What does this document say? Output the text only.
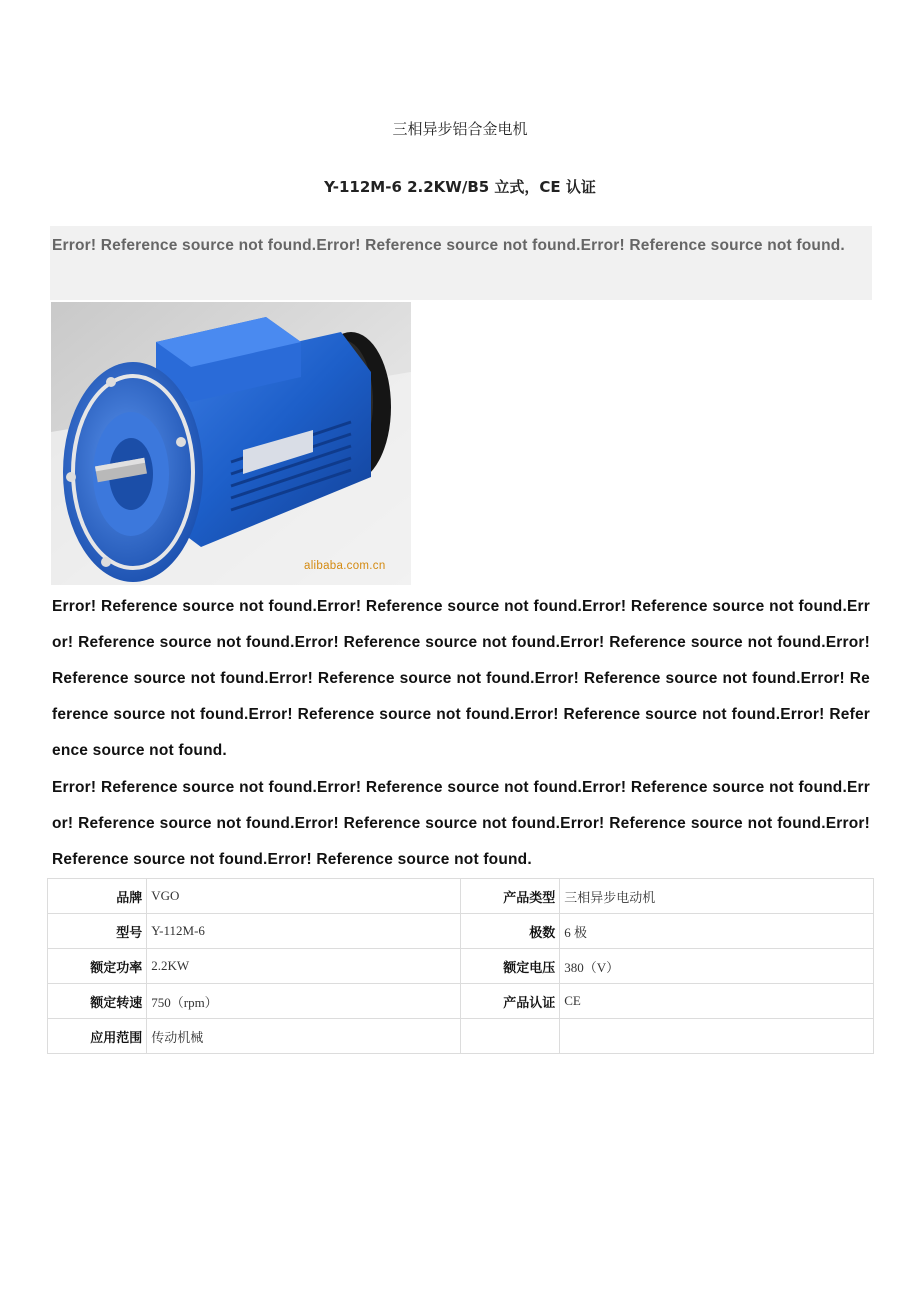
三相异步铝合金电机
Y-112M-6 2.2KW/B5 立式，CE 认证
Error! Reference source not found.Error! Reference source not found.Error! Reference source not found.
alibaba.com.cn
Error! Reference source not found.Error! Reference source not found.Error! Reference source not found.Error! Reference source not found.Error! Reference source not found.Error! Reference source not found.Error! Reference source not found.Error! Reference source not found.Error! Reference source not found.Error! Reference source not found.Error! Reference source not found.Error! Reference source not found.Error! Reference source not found.
Error! Reference source not found.Error! Reference source not found.Error! Reference source not found.Error! Reference source not found.Error! Reference source not found.Error! Reference source not found.Error! Reference source not found.Error! Reference source not found.
品牌	VGO	产品类型	三相异步电动机
型号	Y-112M-6	极数	6 极
额定功率	2.2KW	额定电压	380（V）
额定转速	750（rpm）	产品认证	CE
应用范围	传动机械		
